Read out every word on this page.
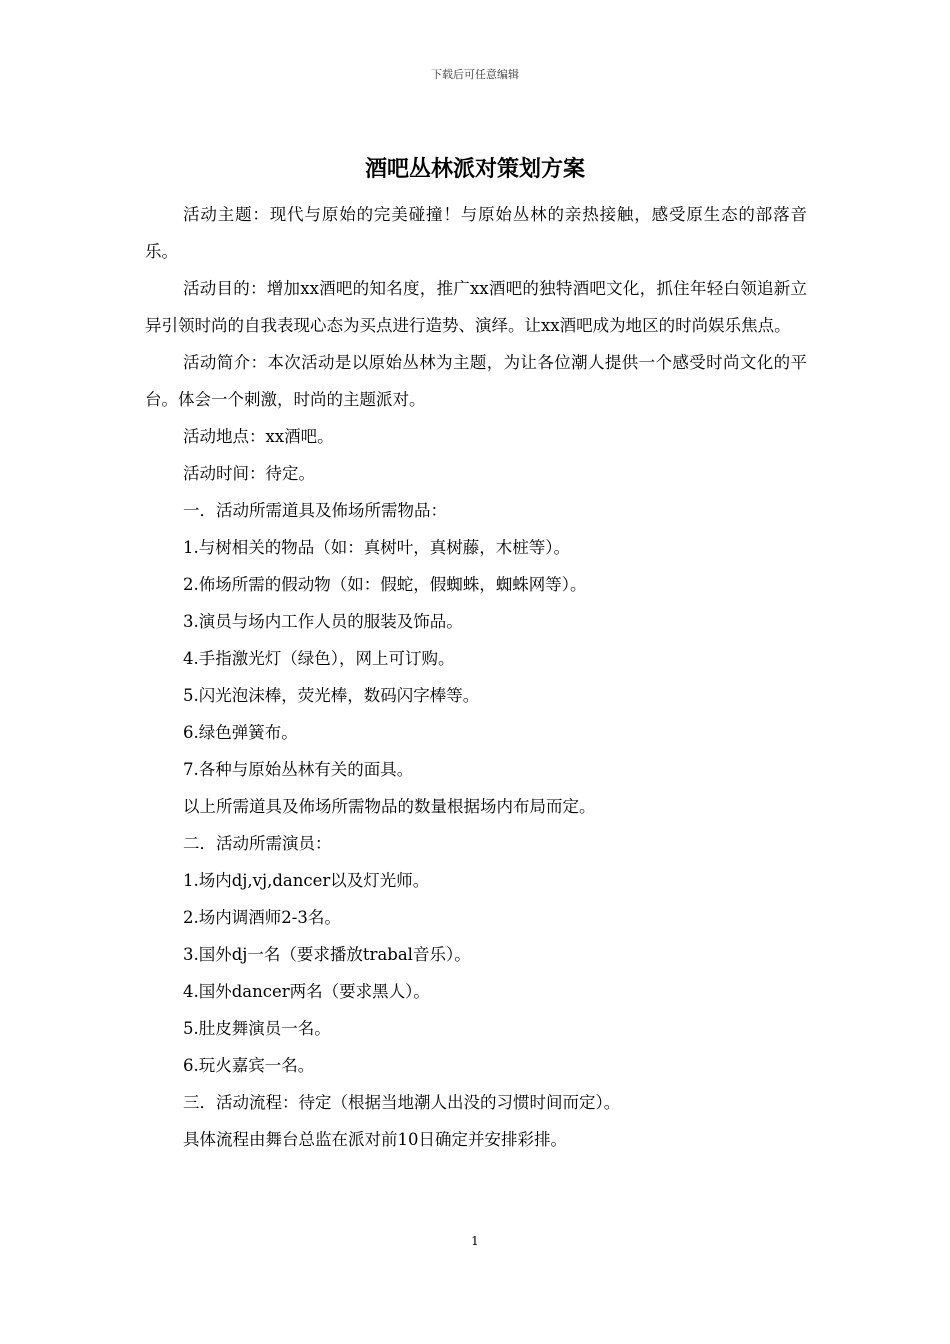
下载后可任意编辑
酒吧丛林派对策划方案

活动主题：现代与原始的完美碰撞！与原始丛林的亲热接触，感受原生态的部落音乐。

活动目的：增加xx酒吧的知名度，推广xx酒吧的独特酒吧文化，抓住年轻白领追新立异引领时尚的自我表现心态为买点进行造势、演绎。让xx酒吧成为地区的时尚娱乐焦点。

活动简介：本次活动是以原始丛林为主题，为让各位潮人提供一个感受时尚文化的平台。体会一个刺激，时尚的主题派对。

活动地点：xx酒吧。

活动时间：待定。

一．活动所需道具及佈场所需物品：

1.与树相关的物品（如：真树叶，真树藤，木桩等）。

2.佈场所需的假动物（如：假蛇，假蜘蛛，蜘蛛网等）。

3.演员与场内工作人员的服装及饰品。

4.手指激光灯（绿色），网上可订购。

5.闪光泡沫棒，荧光棒，数码闪字棒等。

6.绿色弹簧布。

7.各种与原始丛林有关的面具。

以上所需道具及佈场所需物品的数量根据场内布局而定。

二．活动所需演员：

1.场内dj,vj,dancer以及灯光师。

2.场内调酒师2-3名。

3.国外dj一名（要求播放trabal音乐）。

4.国外dancer两名（要求黑人）。

5.肚皮舞演员一名。

6.玩火嘉宾一名。

三．活动流程：待定（根据当地潮人出没的习惯时间而定）。

具体流程由舞台总监在派对前10日确定并安排彩排。

1
